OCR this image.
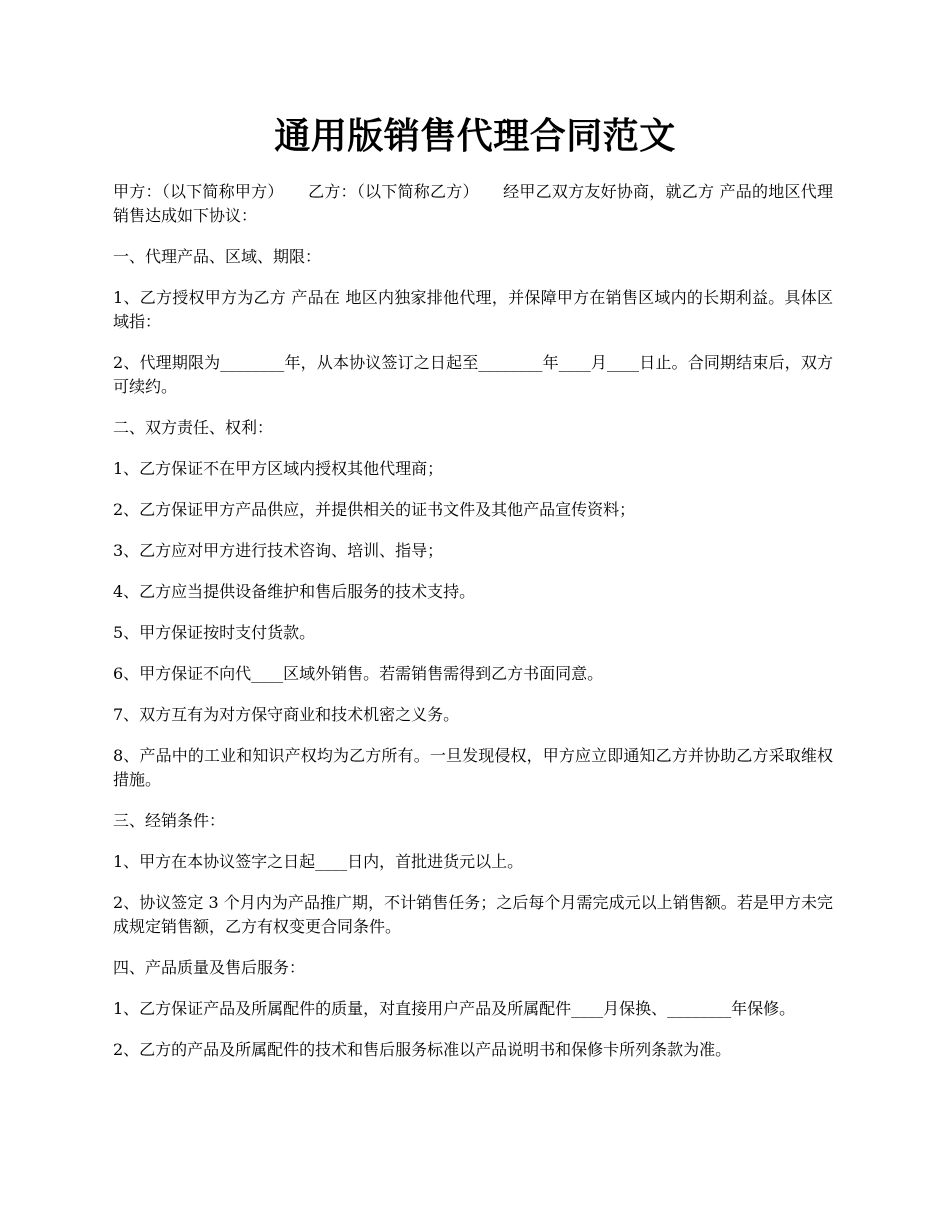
通用版销售代理合同范文

甲方：（以下简称甲方）　　乙方：（以下简称乙方）　　经甲乙双方友好协商，就乙方 产品的地区代理销售达成如下协议：

一、代理产品、区域、期限：

1、乙方授权甲方为乙方 产品在 地区内独家排他代理，并保障甲方在销售区域内的长期利益。具体区域指：

2、代理期限为________年，从本协议签订之日起至________年____月____日止。合同期结束后，双方可续约。

二、双方责任、权利：

1、乙方保证不在甲方区域内授权其他代理商；

2、乙方保证甲方产品供应，并提供相关的证书文件及其他产品宣传资料；

3、乙方应对甲方进行技术咨询、培训、指导；

4、乙方应当提供设备维护和售后服务的技术支持。

5、甲方保证按时支付货款。

6、甲方保证不向代____区域外销售。若需销售需得到乙方书面同意。

7、双方互有为对方保守商业和技术机密之义务。

8、产品中的工业和知识产权均为乙方所有。一旦发现侵权，甲方应立即通知乙方并协助乙方采取维权措施。

三、经销条件：

1、甲方在本协议签字之日起____日内，首批进货元以上。

2、协议签定 3 个月内为产品推广期，不计销售任务；之后每个月需完成元以上销售额。若是甲方未完成规定销售额，乙方有权变更合同条件。

四、产品质量及售后服务：

1、乙方保证产品及所属配件的质量，对直接用户产品及所属配件____月保换、________年保修。

2、乙方的产品及所属配件的技术和售后服务标准以产品说明书和保修卡所列条款为准。
